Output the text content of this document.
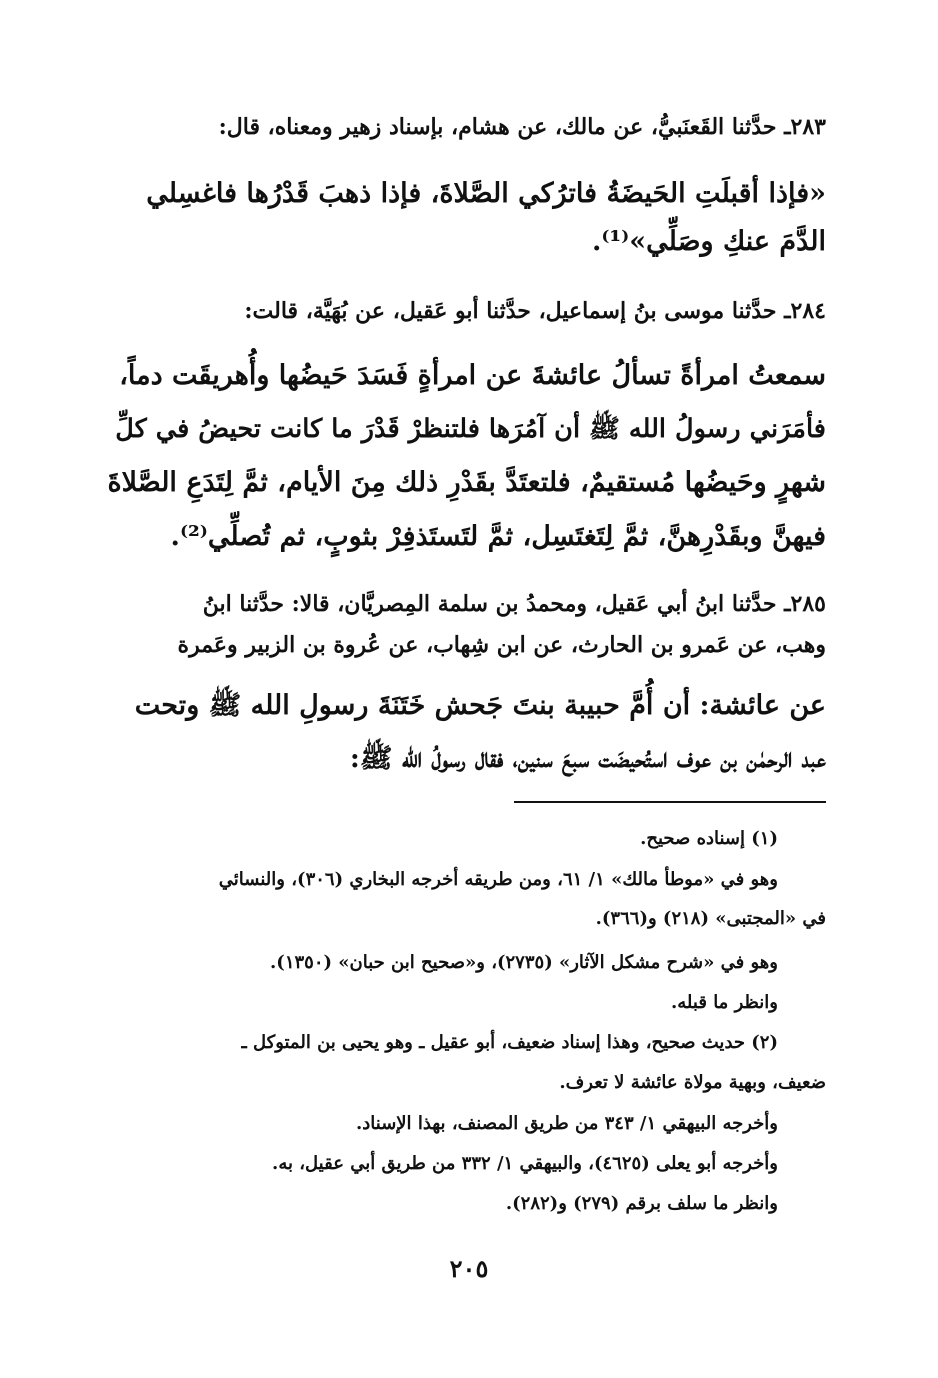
٢٨٣ـ حدَّثنا القَعنَبيُّ، عن مالك، عن هشام، بإسناد زهير ومعناه، قال:
«فإذا أقبلَتِ الحَيضَةُ فاترُكي الصَّلاةَ، فإذا ذهبَ قَدْرُها فاغسِلي
الدَّمَ عنكِ وصَلِّي»⁽¹⁾.
٢٨٤ـ حدَّثنا موسى بنُ إسماعيل، حدَّثنا أبو عَقيل، عن بُهَيَّة، قالت:
سمعتُ امرأةً تسألُ عائشةَ عن امرأةٍ فَسَدَ حَيضُها وأُهريقَت دماً،
فأمَرَني رسولُ الله ﷺ أن آمُرَها فلتنظرْ قَدْرَ ما كانت تحيضُ في كلِّ
شهرٍ وحَيضُها مُستقيمٌ، فلتعتَدَّ بقَدْرِ ذلك مِنَ الأيام، ثمَّ لِتَدَعِ الصَّلاةَ
فيهنَّ وبقَدْرِهنَّ، ثمَّ لِتَغتَسِل، ثمَّ لتَستَذفِرْ بثوبٍ، ثم تُصلِّي⁽²⁾.
٢٨٥ـ حدَّثنا ابنُ أبي عَقيل، ومحمدُ بن سلمة المِصريَّان، قالا: حدَّثنا ابنُ
وهب، عن عَمرو بن الحارث، عن ابن شِهاب، عن عُروة بن الزبير وعَمرة
عن عائشة: أن أُمَّ حبيبة بنتَ جَحش خَتَنَةَ رسولِ الله ﷺ وتحت
عبد الرحمٰن بن عوف استُحيضَت سبعَ سنين، فقال رسولُ الله ﷺ:
(١) إسناده صحيح.
وهو في «موطأ مالك» ١/ ٦١، ومن طريقه أخرجه البخاري (٣٠٦)، والنسائي
في «المجتبى» (٢١٨) و(٣٦٦).
وهو في «شرح مشكل الآثار» (٢٧٣٥)، و«صحيح ابن حبان» (١٣٥٠).
وانظر ما قبله.
(٢) حديث صحيح، وهذا إسناد ضعيف، أبو عقيل ـ وهو يحيى بن المتوكل ـ
ضعيف، وبهية مولاة عائشة لا تعرف.
وأخرجه البيهقي ١/ ٣٤٣ من طريق المصنف، بهذا الإسناد.
وأخرجه أبو يعلى (٤٦٢٥)، والبيهقي ١/ ٣٣٢ من طريق أبي عقيل، به.
وانظر ما سلف برقم (٢٧٩) و(٢٨٢).
٢٠٥
